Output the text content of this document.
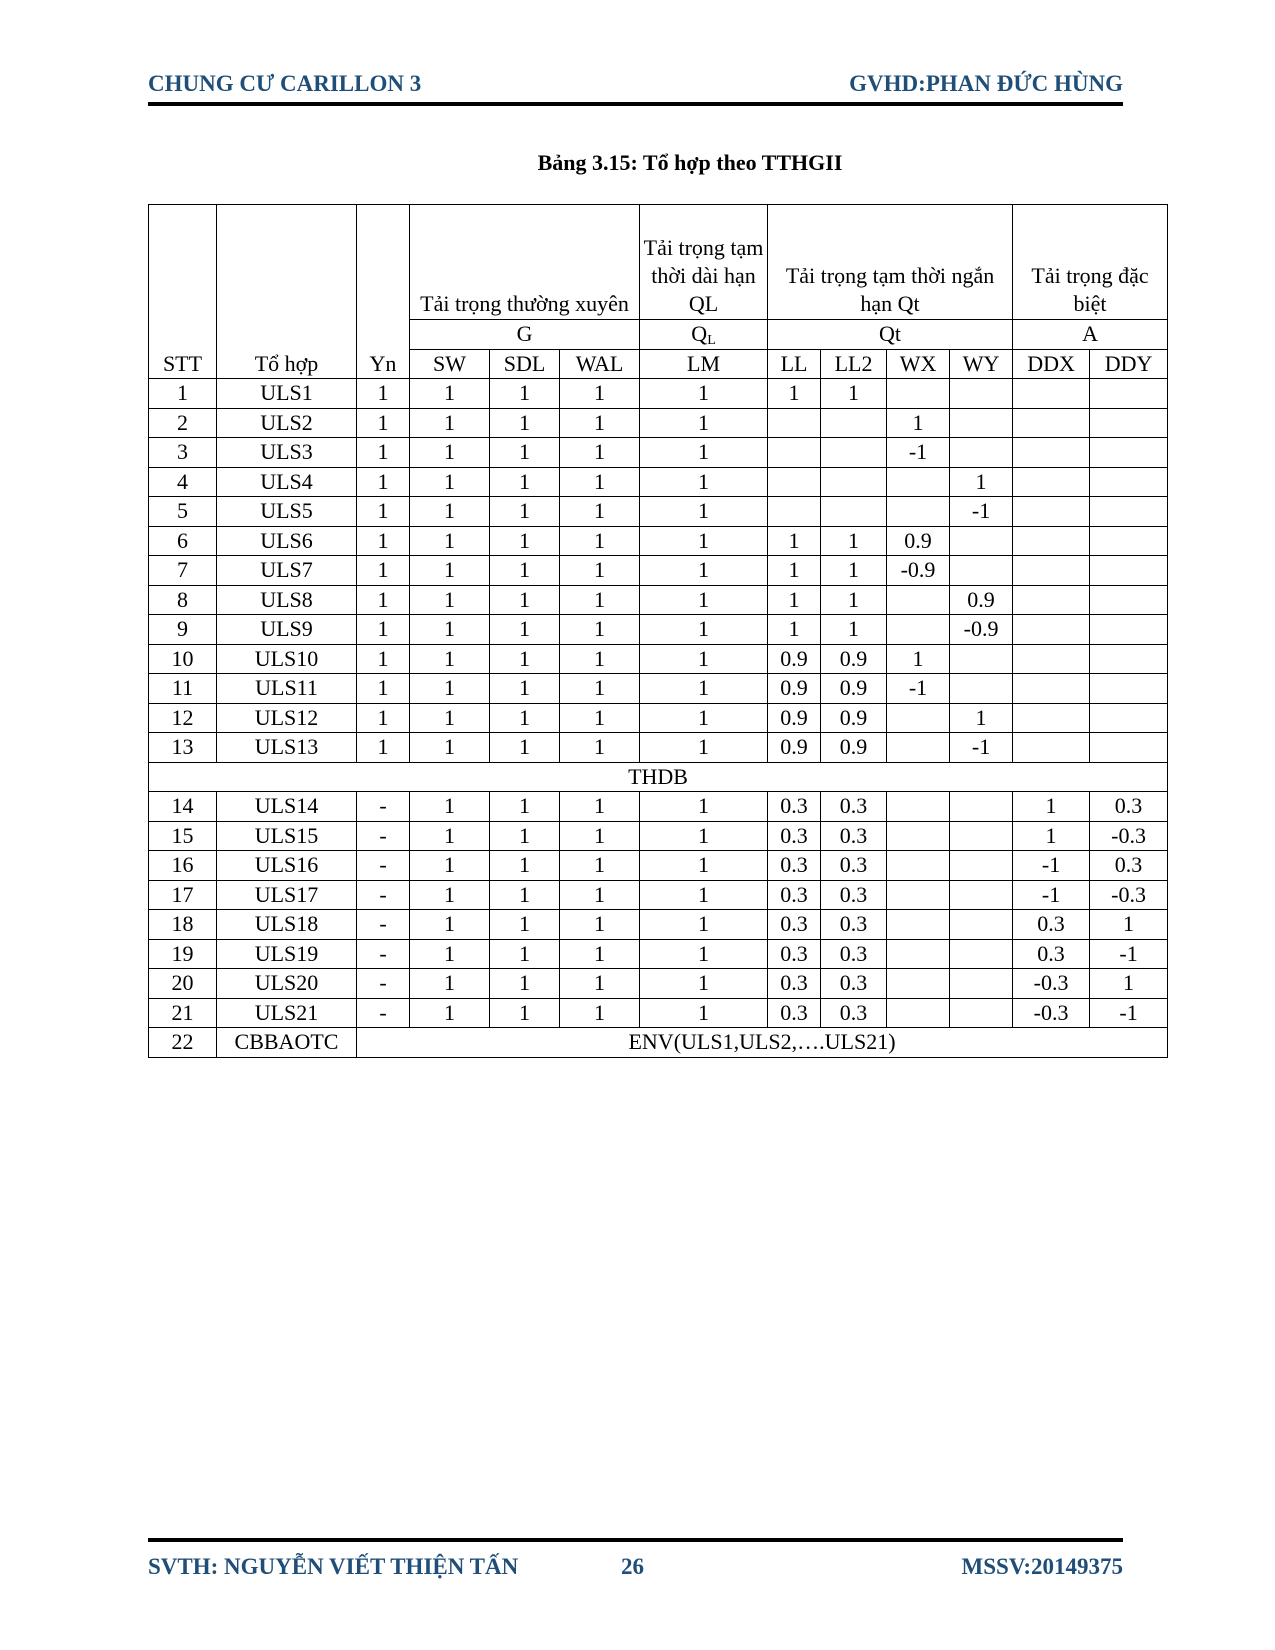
CHUNG CƯ CARILLON 3	GVHD:PHAN ĐỨC HÙNG
Bảng 3.15: Tổ hợp theo TTHGII
STT	Tổ hợp	Yn	Tải trọng thường xuyên			Tải trọng tạm thời dài hạn QL	Tải trọng tạm thời ngắn hạn Qt				Tải trọng đặc biệt	
			G			$Q_L$	Qt				A	
			SW	SDL	WAL	LM	LL	LL2	WX	WY	DDX	DDY
1	ULS1	1	1	1	1	1	1	1				
2	ULS2	1	1	1	1	1			1			
3	ULS3	1	1	1	1	1			-1			
4	ULS4	1	1	1	1	1				1		
5	ULS5	1	1	1	1	1				-1		
6	ULS6	1	1	1	1	1	1	1	0.9			
7	ULS7	1	1	1	1	1	1	1	-0.9			
8	ULS8	1	1	1	1	1	1	1		0.9		
9	ULS9	1	1	1	1	1	1	1		-0.9		
10	ULS10	1	1	1	1	1	0.9	0.9	1			
11	ULS11	1	1	1	1	1	0.9	0.9	-1			
12	ULS12	1	1	1	1	1	0.9	0.9		1		
13	ULS13	1	1	1	1	1	0.9	0.9		-1		
THDB												
14	ULS14	-	1	1	1	1	0.3	0.3			1	0.3
15	ULS15	-	1	1	1	1	0.3	0.3			1	-0.3
16	ULS16	-	1	1	1	1	0.3	0.3			-1	0.3
17	ULS17	-	1	1	1	1	0.3	0.3			-1	-0.3
18	ULS18	-	1	1	1	1	0.3	0.3			0.3	1
19	ULS19	-	1	1	1	1	0.3	0.3			0.3	-1
20	ULS20	-	1	1	1	1	0.3	0.3			-0.3	1
21	ULS21	-	1	1	1	1	0.3	0.3			-0.3	-1
22	CBBAOTC	ENV(ULS1,ULS2,….ULS21)										
SVTH: NGUYỄN VIẾT THIỆN TẤN	26	MSSV:20149375
